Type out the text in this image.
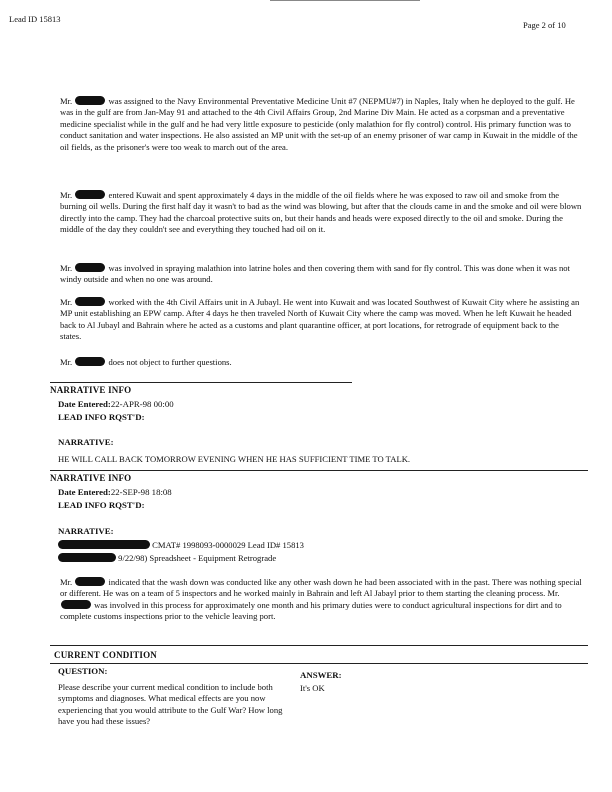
Lead ID 15813
Page 2 of 10
Mr.	was assigned to the Navy Environmental Preventative Medicine Unit #7 (NEPMU#7) in Naples, Italy when he deployed to the gulf. He was in the gulf are from Jan-May 91 and attached to the 4th Civil Affairs Group, 2nd Marine Div Main. He acted as a corpsman and a preventative medicine specialist while in the gulf and he had very little exposure to pesticide (only malathion for fly control) control. His primary function was to conduct sanitation and water inspections. He also assisted an MP unit with the set-up of an enemy prisoner of war camp in Kuwait in the middle of the oil fields, as the prisoner's were too weak to march out of the area.
Mr.	entered Kuwait and spent approximately 4 days in the middle of the oil fields where he was exposed to raw oil and smoke from the burning oil wells. During the first half day it wasn't to bad as the wind was blowing, but after that the clouds came in and the smoke and oil were blown directly into the camp. They had the charcoal protective suits on, but their hands and heads were exposed directly to the oil and smoke. During the middle of the day they couldn't see and everything they touched had oil on it.
Mr.	was involved in spraying malathion into latrine holes and then covering them with sand for fly control. This was done when it was not windy outside and when no one was around.
Mr.	worked with the 4th Civil Affairs unit in A Jubayl. He went into Kuwait and was located Southwest of Kuwait City where he assisting an MP unit establishing an EPW camp. After 4 days he then traveled North of Kuwait City where the camp was moved. When he left Kuwait he headed back to Al Jubayl and Bahrain where he acted as a customs and plant quarantine officer, at port locations, for retrograde of equipment back to the states.
Mr.	does not object to further questions.
NARRATIVE INFO
Date Entered:22-APR-98 00:00
LEAD INFO RQST'D:
NARRATIVE:
HE WILL CALL BACK TOMORROW EVENING WHEN HE HAS SUFFICIENT TIME TO TALK.
NARRATIVE INFO
Date Entered:22-SEP-98 18:08
LEAD INFO RQST'D:
NARRATIVE:
CMAT# 1998093-0000029 Lead ID# 15813
9/22/98) Spreadsheet - Equipment Retrograde
Mr.	indicated that the wash down was conducted like any other wash down he had been associated with in the past. There was nothing special or different. He was on a team of 5 inspectors and he worked mainly in Bahrain and left Al Jabayl prior to them starting the cleaning process. Mr.  was involved in this process for approximately one month and his primary duties were to conduct agricultural inspections for dirt and to complete customs inspections prior to the vehicle leaving port.
CURRENT CONDITION
QUESTION:
Please describe your current medical condition to include both symptoms and diagnoses. What medical effects are you now experiencing that you would attribute to the Gulf War? How long have you had these issues?
ANSWER:
It's OK
